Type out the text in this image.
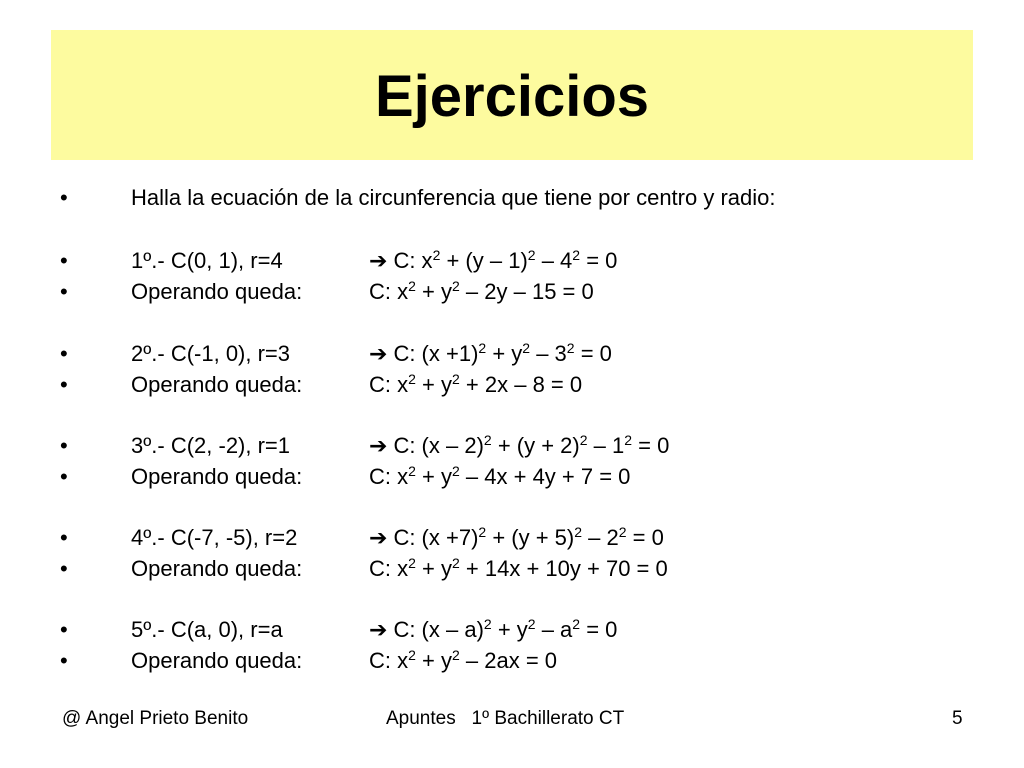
Ejercicios
•	Halla la ecuación de la circunferencia que tiene por centro y radio:
•	1º.- C(0, 1), r=4	➔ C: $x^2 + (y - 1)^2 - 4^2 = 0$
•	Operando queda:	C: $x^2 + y^2 - 2y - 15 = 0$
•	2º.- C(-1, 0), r=3	➔ C: $(x +1)^2 + y^2 - 3^2 = 0$
•	Operando queda:	C: $x^2 + y^2 + 2x - 8 = 0$
•	3º.- C(2, -2), r=1	➔ C: $(x - 2)^2 + (y + 2)^2 - 1^2 = 0$
•	Operando queda:	C: $x^2 + y^2 - 4x + 4y + 7 = 0$
•	4º.- C(-7, -5), r=2	➔ C: $(x +7)^2 + (y + 5)^2 - 2^2 = 0$
•	Operando queda:	C: $x^2 + y^2 + 14x + 10y + 70 = 0$
•	5º.- C(a, 0), r=a	➔ C: $(x - a)^2 + y^2 - a^2 = 0$
•	Operando queda:	C: $x^2 + y^2 - 2ax = 0$
@ Angel Prieto Benito	Apuntes   1º Bachillerato CT	5
